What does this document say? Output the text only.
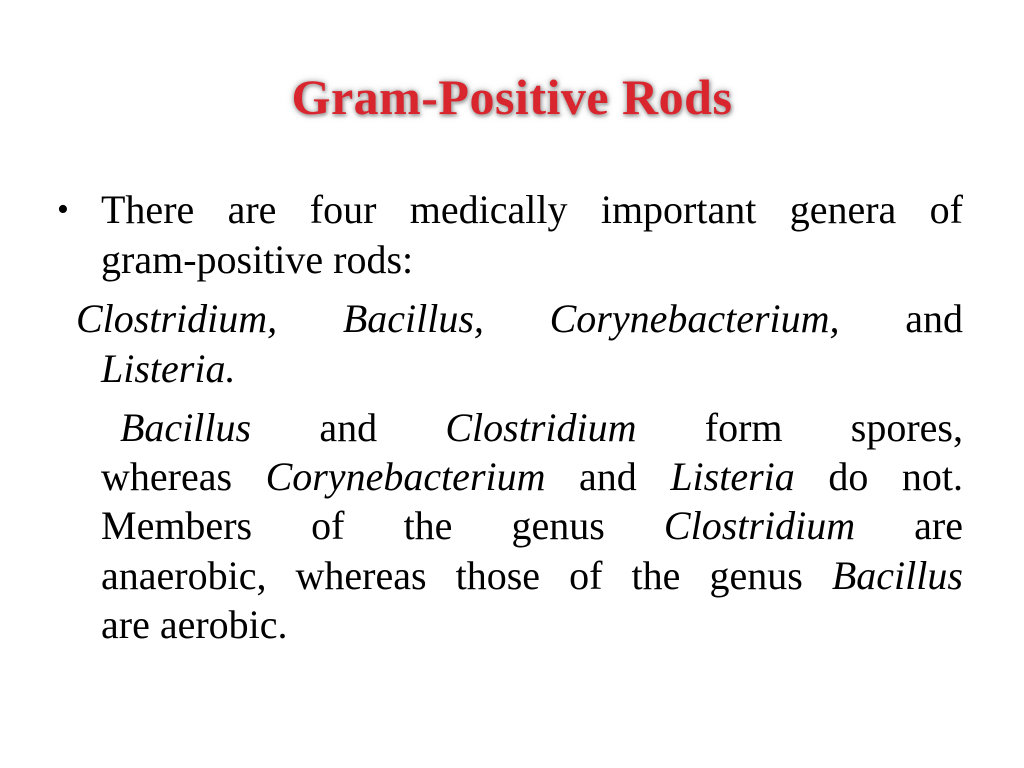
Gram-Positive Rods
• There are four medically important genera of
gram-positive rods:
Clostridium, Bacillus, Corynebacterium, and
Listeria.
Bacillus and Clostridium form spores,
whereas Corynebacterium and Listeria do not.
Members of the genus Clostridium are
anaerobic, whereas those of the genus Bacillus
are aerobic.
